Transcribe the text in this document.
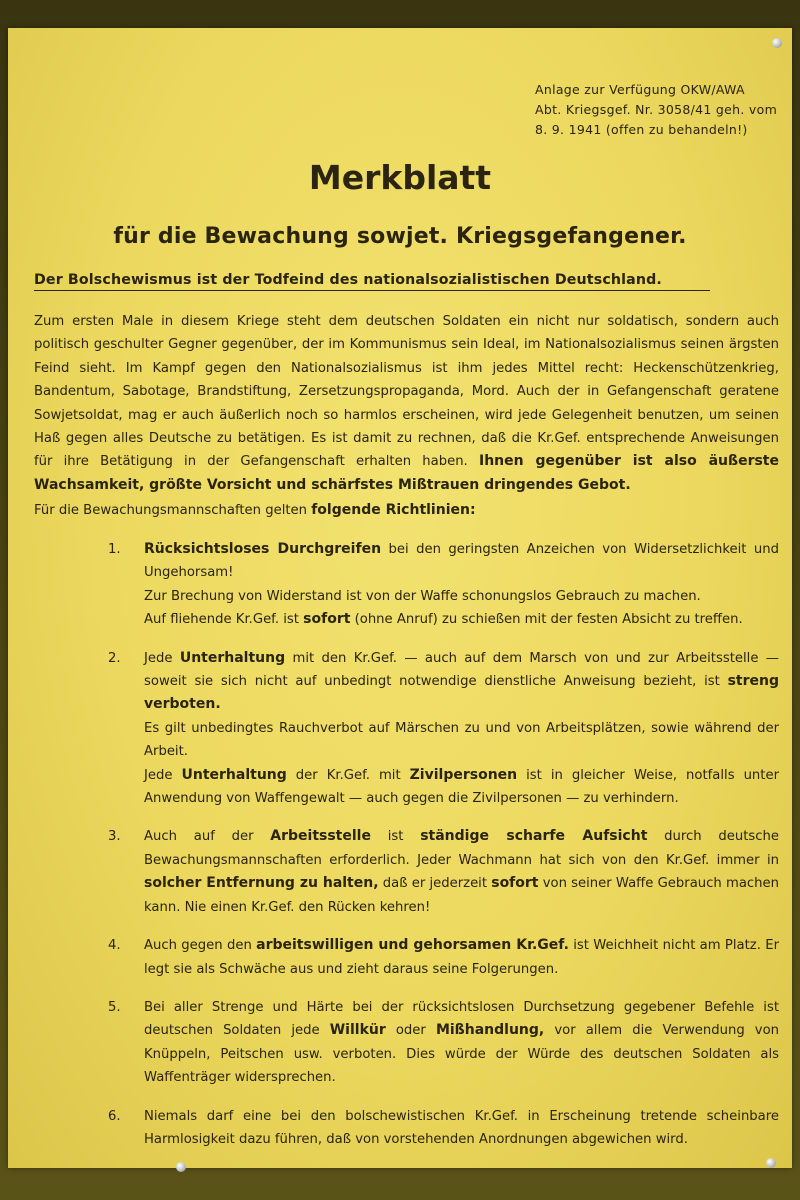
Anlage zur Verfügung OKW/AWA
Abt. Kriegsgef. Nr. 3058/41 geh. vom
8. 9. 1941 (offen zu behandeln!)
Merkblatt
für die Bewachung sowjet. Kriegsgefangener.
Der Bolschewismus ist der Todfeind des nationalsozialistischen Deutschland.

Zum ersten Male in diesem Kriege steht dem deutschen Soldaten ein nicht nur soldatisch, sondern auch politisch geschulter Gegner gegenüber, der im Kommunismus sein Ideal, im Nationalsozialismus seinen ärgsten Feind sieht. Im Kampf gegen den Nationalsozialismus ist ihm jedes Mittel recht: Heckenschützenkrieg, Bandentum, Sabotage, Brandstiftung, Zersetzungspropaganda, Mord. Auch der in Gefangenschaft geratene Sowjetsoldat, mag er auch äußerlich noch so harmlos erscheinen, wird jede Gelegenheit benutzen, um seinen Haß gegen alles Deutsche zu betätigen. Es ist damit zu rechnen, daß die Kr.Gef. entsprechende Anweisungen für ihre Betätigung in der Gefangenschaft erhalten haben. Ihnen gegenüber ist also äußerste Wachsamkeit, größte Vorsicht und schärfstes Mißtrauen dringendes Gebot.

Für die Bewachungsmannschaften gelten folgende Richtlinien:

1.	Rücksichtsloses Durchgreifen bei den geringsten Anzeichen von Widersetzlichkeit und Ungehorsam!

Zur Brechung von Widerstand ist von der Waffe schonungslos Gebrauch zu machen.

Auf fliehende Kr.Gef. ist sofort (ohne Anruf) zu schießen mit der festen Absicht zu treffen.

2.	Jede Unterhaltung mit den Kr.Gef. — auch auf dem Marsch von und zur Arbeitsstelle — soweit sie sich nicht auf unbedingt notwendige dienstliche Anweisung bezieht, ist streng verboten.

Es gilt unbedingtes Rauchverbot auf Märschen zu und von Arbeitsplätzen, sowie während der Arbeit.

Jede Unterhaltung der Kr.Gef. mit Zivilpersonen ist in gleicher Weise, notfalls unter Anwendung von Waffengewalt — auch gegen die Zivilpersonen — zu verhindern.

3.	Auch auf der Arbeitsstelle ist ständige scharfe Aufsicht durch deutsche Bewachungsmannschaften erforderlich. Jeder Wachmann hat sich von den Kr.Gef. immer in solcher Entfernung zu halten, daß er jederzeit sofort von seiner Waffe Gebrauch machen kann. Nie einen Kr.Gef. den Rücken kehren!

4.	Auch gegen den arbeitswilligen und gehorsamen Kr.Gef. ist Weichheit nicht am Platz. Er legt sie als Schwäche aus und zieht daraus seine Folgerungen.

5.	Bei aller Strenge und Härte bei der rücksichtslosen Durchsetzung gegebener Befehle ist deutschen Soldaten jede Willkür oder Mißhandlung, vor allem die Verwendung von Knüppeln, Peitschen usw. verboten. Dies würde der Würde des deutschen Soldaten als Waffenträger widersprechen.

6.	Niemals darf eine bei den bolschewistischen Kr.Gef. in Erscheinung tretende scheinbare Harmlosigkeit dazu führen, daß von vorstehenden Anordnungen abgewichen wird.
